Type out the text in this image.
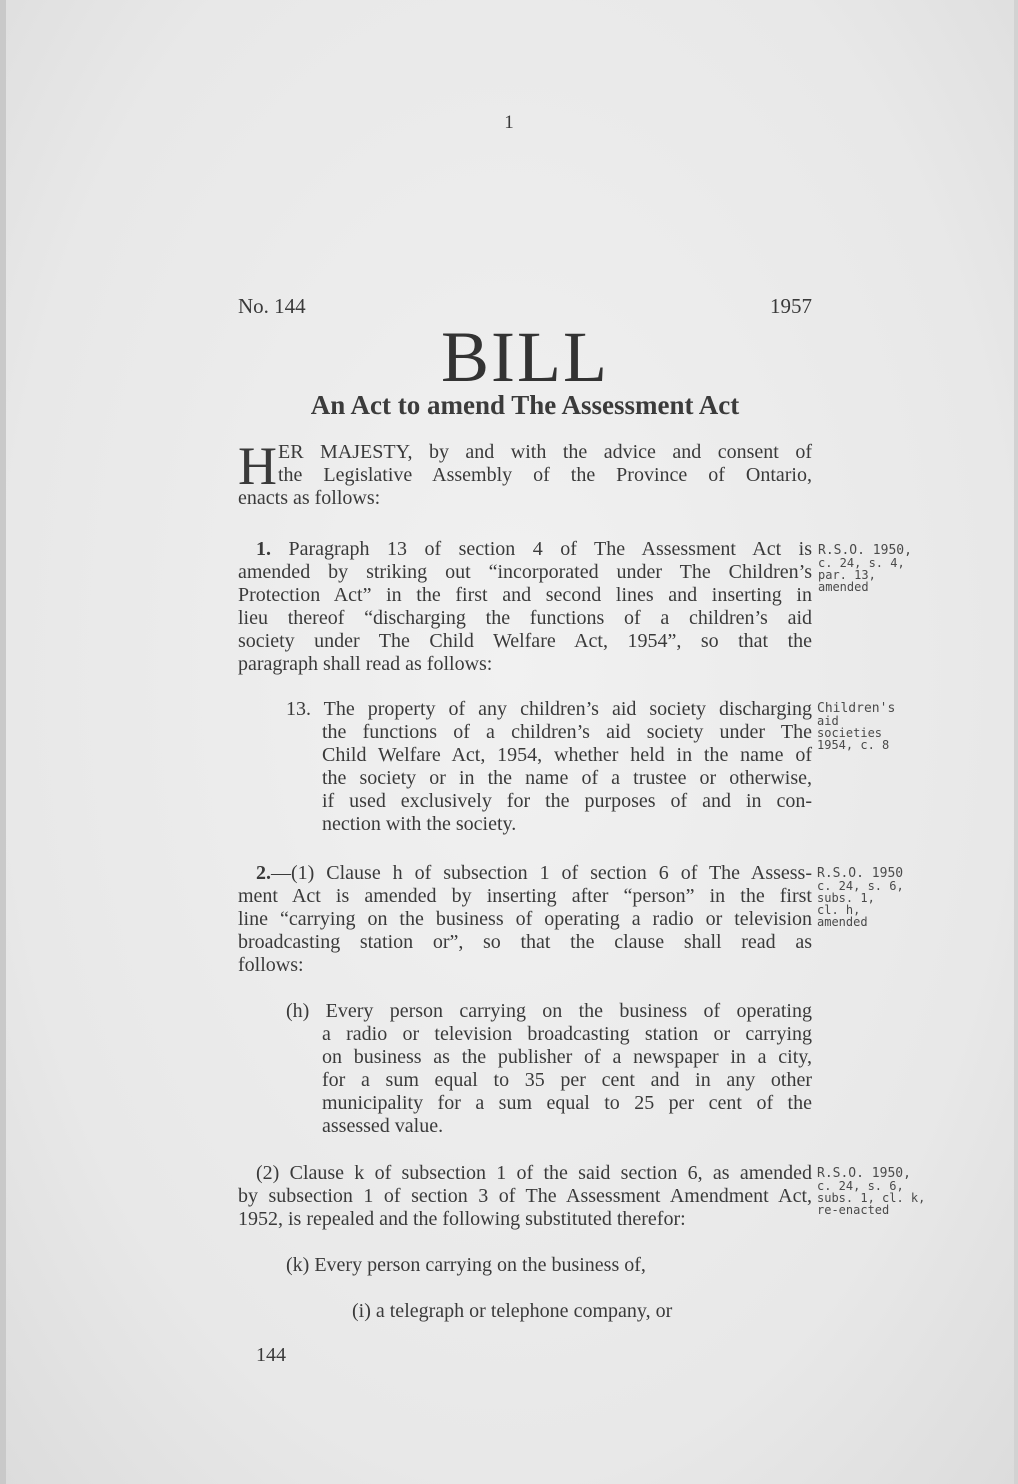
1
No. 144	1957
BILL
An Act to amend The Assessment Act
H ER MAJESTY, by and with the advice and consent of
the Legislative Assembly of the Province of Ontario,
enacts as follows:
1. Paragraph 13 of section 4 of The Assessment Act is
amended by striking out “incorporated under The Children’s
Protection Act” in the first and second lines and inserting in
lieu thereof “discharging the functions of a children’s aid
society under The Child Welfare Act, 1954”, so that the
paragraph shall read as follows:
13. The property of any children’s aid society discharging
the functions of a children’s aid society under The
Child Welfare Act, 1954, whether held in the name of
the society or in the name of a trustee or otherwise,
if used exclusively for the purposes of and in con-
nection with the society.
2.—(1) Clause h of subsection 1 of section 6 of The Assess-
ment Act is amended by inserting after “person” in the first
line “carrying on the business of operating a radio or television
broadcasting station or”, so that the clause shall read as
follows:
(h) Every person carrying on the business of operating
a radio or television broadcasting station or carrying
on business as the publisher of a newspaper in a city,
for a sum equal to 35 per cent and in any other
municipality for a sum equal to 25 per cent of the
assessed value.
(2) Clause k of subsection 1 of the said section 6, as amended
by subsection 1 of section 3 of The Assessment Amendment Act,
1952, is repealed and the following substituted therefor:
(k) Every person carrying on the business of,
(i) a telegraph or telephone company, or
144
R.S.O. 1950,
c. 24, s. 4,
par. 13,
amended
Children's
aid
societies
1954, c. 8
R.S.O. 1950
c. 24, s. 6,
subs. 1,
cl. h,
amended
R.S.O. 1950,
c. 24, s. 6,
subs. 1, cl. k,
re-enacted
